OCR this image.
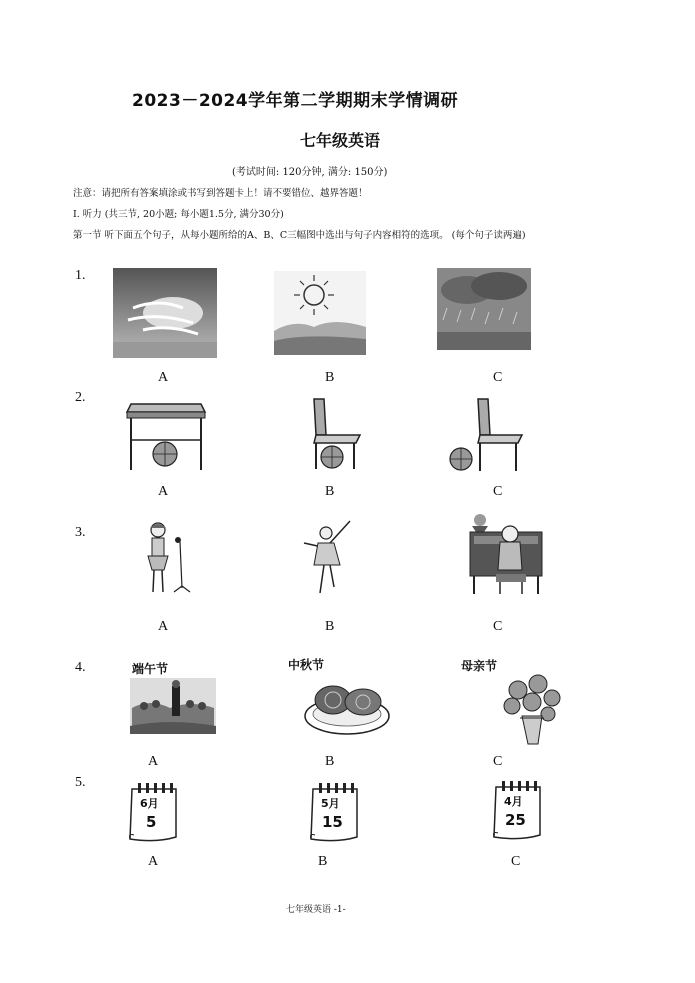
2023－2024学年第二学期期末学情调研
七年级英语
(考试时间: 120分钟, 满分: 150分)
注意：请把所有答案填涂或书写到答题卡上！请不要错位、越界答题！
I. 听力 (共三节, 20小题; 每小题1.5分, 满分30分)
第一节 听下面五个句子，从每小题所给的A、B、C三幅图中选出与句子内容相符的选项。 (每个句子读两遍)
1.
A	B	C
2.
A	B	C
3.
A	B	C
4.	端午节	中秋节	母亲节
A	B	C
5.
6月
5
5月
15
4月
25
A	B	C
七年级英语 -1-
